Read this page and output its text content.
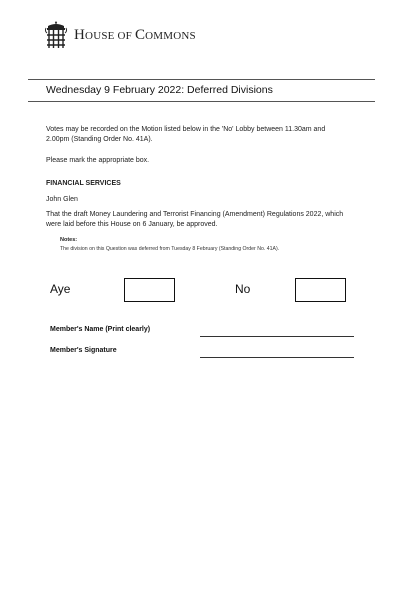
HOUSE OF COMMONS
Wednesday 9 February 2022: Deferred Divisions
Votes may be recorded on the Motion listed below in the 'No' Lobby between 11.30am and 2.00pm (Standing Order No. 41A).
Please mark the appropriate box.
FINANCIAL SERVICES
John Glen
That the draft Money Laundering and Terrorist Financing (Amendment) Regulations 2022, which were laid before this House on 6 January, be approved.
Notes:
The division on this Question was deferred from Tuesday 8 February (Standing Order No. 41A).
Aye	No
Member's Name (Print clearly)
Member's Signature
